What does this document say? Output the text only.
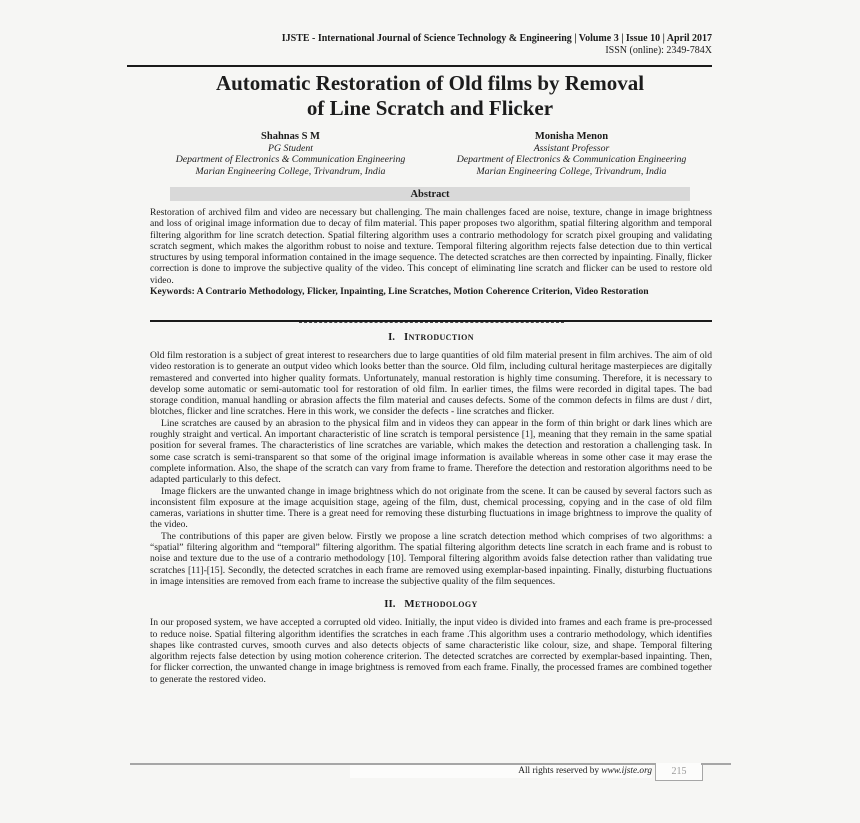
IJSTE - International Journal of Science Technology & Engineering | Volume 3 | Issue 10 | April 2017
ISSN (online): 2349-784X
Automatic Restoration of Old films by Removal
of Line Scratch and Flicker
Shahnas S M
PG Student
Department of Electronics & Communication Engineering
Marian Engineering College, Trivandrum, India
Monisha Menon
Assistant Professor
Department of Electronics & Communication Engineering
Marian Engineering College, Trivandrum, India
Abstract
Restoration of archived film and video are necessary but challenging. The main challenges faced are noise, texture, change in image brightness and loss of original image information due to decay of film material. This paper proposes two algorithm, spatial filtering algorithm and temporal filtering algorithm for line scratch detection. Spatial filtering algorithm uses a contrario methodology for scratch pixel grouping and validating scratch segment, which makes the algorithm robust to noise and texture. Temporal filtering algorithm rejects false detection due to thin vertical structures by using temporal information contained in the image sequence. The detected scratches are then corrected by inpainting. Finally, flicker correction is done to improve the subjective quality of the video. This concept of eliminating line scratch and flicker can be used to restore old video.
Keywords: A Contrario Methodology, Flicker, Inpainting, Line Scratches, Motion Coherence Criterion, Video Restoration
I. Introduction

Old film restoration is a subject of great interest to researchers due to large quantities of old film material present in film archives. The aim of old video restoration is to generate an output video which looks better than the source. Old film, including cultural heritage masterpieces are digitally remastered and converted into higher quality formats. Unfortunately, manual restoration is highly time consuming. Therefore, it is necessary to develop some automatic or semi-automatic tool for restoration of old film. In earlier times, the films were recorded in digital tapes. The bad storage condition, manual handling or abrasion affects the film material and causes defects. Some of the common defects in films are dust / dirt, blotches, flicker and line scratches. Here in this work, we consider the defects - line scratches and flicker.

Line scratches are caused by an abrasion to the physical film and in videos they can appear in the form of thin bright or dark lines which are roughly straight and vertical. An important characteristic of line scratch is temporal persistence [1], meaning that they remain in the same spatial position for several frames. The characteristics of line scratches are variable, which makes the detection and restoration a challenging task. In some case scratch is semi-transparent so that some of the original image information is available whereas in some other case it may erase the complete information. Also, the shape of the scratch can vary from frame to frame. Therefore the detection and restoration algorithms need to be adapted particularly to this defect.

Image flickers are the unwanted change in image brightness which do not originate from the scene. It can be caused by several factors such as inconsistent film exposure at the image acquisition stage, ageing of the film, dust, chemical processing, copying and in the case of old film cameras, variations in shutter time. There is a great need for removing these disturbing fluctuations in image brightness to improve the quality of the video.

The contributions of this paper are given below. Firstly we propose a line scratch detection method which comprises of two algorithms: a “spatial” filtering algorithm and “temporal” filtering algorithm. The spatial filtering algorithm detects line scratch in each frame and is robust to noise and texture due to the use of a contrario methodology [10]. Temporal filtering algorithm avoids false detection rather than validating true scratches [11]-[15]. Secondly, the detected scratches in each frame are removed using exemplar-based inpainting. Finally, disturbing fluctuations in image intensities are removed from each frame to increase the subjective quality of the film sequences.

II. Methodology

In our proposed system, we have accepted a corrupted old video. Initially, the input video is divided into frames and each frame is pre-processed to reduce noise. Spatial filtering algorithm identifies the scratches in each frame .This algorithm uses a contrario methodology, which identifies shapes like contrasted curves, smooth curves and also detects objects of same characteristic like colour, size, and shape. Temporal filtering algorithm rejects false detection by using motion coherence criterion. The detected scratches are corrected by exemplar-based inpainting. Then, for flicker correction, the unwanted change in image brightness is removed from each frame. Finally, the processed frames are combined together to generate the restored video.

All rights reserved by www.ijste.org	215
